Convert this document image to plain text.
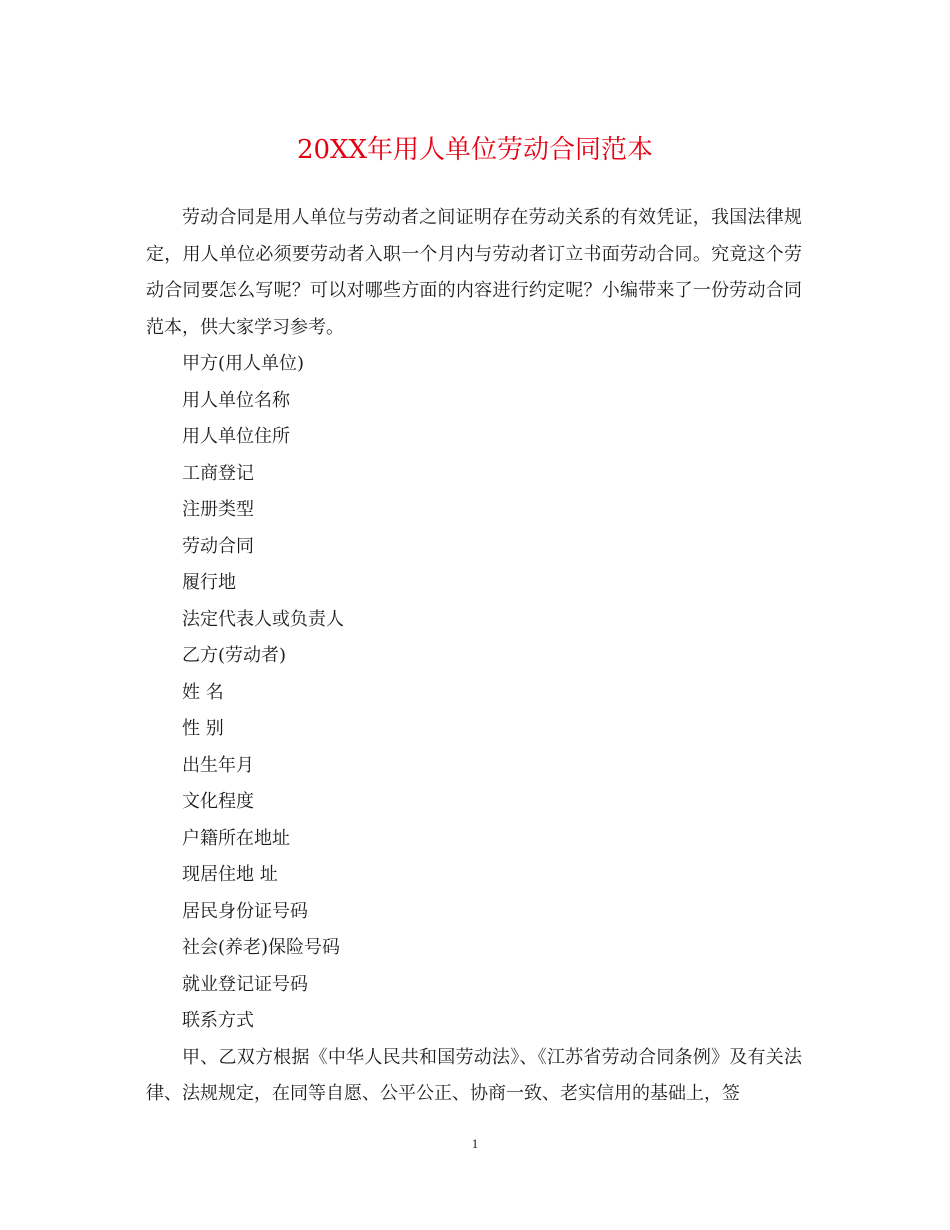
20XX年用人单位劳动合同范本

劳动合同是用人单位与劳动者之间证明存在劳动关系的有效凭证，我国法律规定，用人单位必须要劳动者入职一个月内与劳动者订立书面劳动合同。究竟这个劳动合同要怎么写呢？可以对哪些方面的内容进行约定呢？小编带来了一份劳动合同范本，供大家学习参考。

甲方(用人单位)
用人单位名称
用人单位住所
工商登记
注册类型
劳动合同
履行地
法定代表人或负责人
乙方(劳动者)
姓 名
性 别
出生年月
文化程度
户籍所在地址
现居住地 址
居民身份证号码
社会(养老)保险号码
就业登记证号码
联系方式

甲、乙双方根据《中华人民共和国劳动法》、《江苏省劳动合同条例》及有关法律、法规规定，在同等自愿、公平公正、协商一致、老实信用的基础上，签

1
